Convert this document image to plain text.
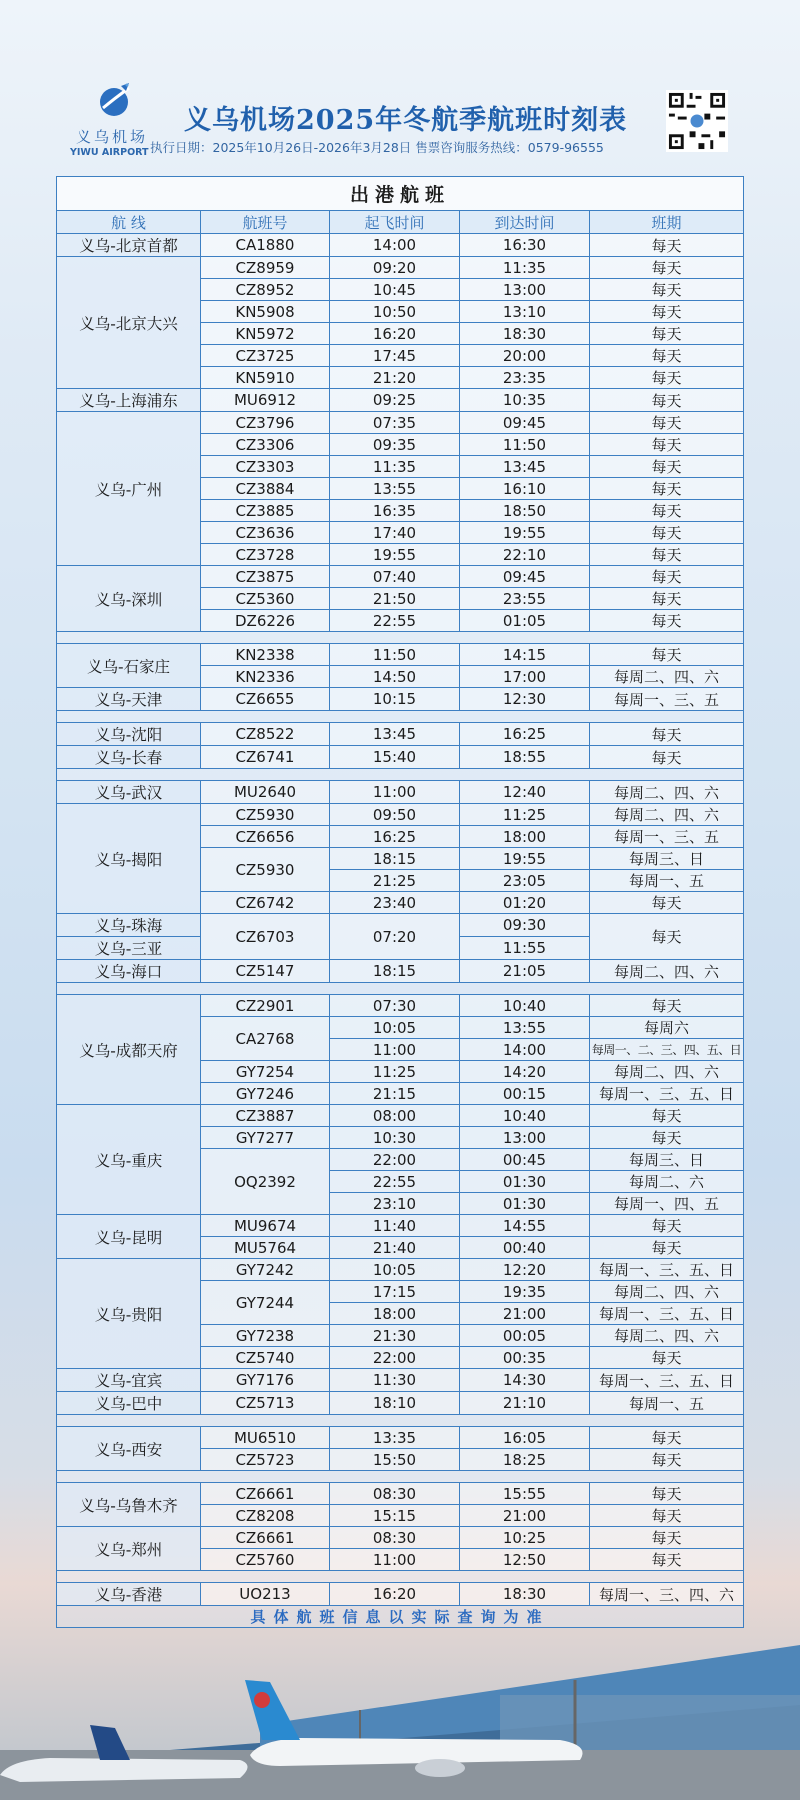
义乌机场
YIWU AIRPORT
义乌机场2025年冬航季航班时刻表
执行日期：2025年10月26日-2026年3月28日 售票咨询服务热线：0579-96555
出港航班				
航 线	航班号	起飞时间	到达时间	班期
义乌-北京首都	CA1880	14:00	16:30	每天
义乌-北京大兴	CZ8959	09:20	11:35	每天
	CZ8952	10:45	13:00	每天
	KN5908	10:50	13:10	每天
	KN5972	16:20	18:30	每天
	CZ3725	17:45	20:00	每天
	KN5910	21:20	23:35	每天
义乌-上海浦东	MU6912	09:25	10:35	每天
义乌-广州	CZ3796	07:35	09:45	每天
	CZ3306	09:35	11:50	每天
	CZ3303	11:35	13:45	每天
	CZ3884	13:55	16:10	每天
	CZ3885	16:35	18:50	每天
	CZ3636	17:40	19:55	每天
	CZ3728	19:55	22:10	每天
义乌-深圳	CZ3875	07:40	09:45	每天
	CZ5360	21:50	23:55	每天
	DZ6226	22:55	01:05	每天

义乌-石家庄	KN2338	11:50	14:15	每天
	KN2336	14:50	17:00	每周二、四、六
义乌-天津	CZ6655	10:15	12:30	每周一、三、五

义乌-沈阳	CZ8522	13:45	16:25	每天
义乌-长春	CZ6741	15:40	18:55	每天

义乌-武汉	MU2640	11:00	12:40	每周二、四、六
义乌-揭阳	CZ5930	09:50	11:25	每周二、四、六
	CZ6656	16:25	18:00	每周一、三、五
	CZ5930	18:15	19:55	每周三、日
		21:25	23:05	每周一、五
	CZ6742	23:40	01:20	每天
义乌-珠海	CZ6703	07:20	09:30	每天
义乌-三亚			11:55	
义乌-海口	CZ5147	18:15	21:05	每周二、四、六

义乌-成都天府	CZ2901	07:30	10:40	每天
	CA2768	10:05	13:55	每周六
		11:00	14:00	每周一、二、三、四、五、日
	GY7254	11:25	14:20	每周二、四、六
	GY7246	21:15	00:15	每周一、三、五、日
义乌-重庆	CZ3887	08:00	10:40	每天
	GY7277	10:30	13:00	每天
	OQ2392	22:00	00:45	每周三、日
		22:55	01:30	每周二、六
		23:10	01:30	每周一、四、五
义乌-昆明	MU9674	11:40	14:55	每天
	MU5764	21:40	00:40	每天
义乌-贵阳	GY7242	10:05	12:20	每周一、三、五、日
	GY7244	17:15	19:35	每周二、四、六
		18:00	21:00	每周一、三、五、日
	GY7238	21:30	00:05	每周二、四、六
	CZ5740	22:00	00:35	每天
义乌-宜宾	GY7176	11:30	14:30	每周一、三、五、日
义乌-巴中	CZ5713	18:10	21:10	每周一、五

义乌-西安	MU6510	13:35	16:05	每天
	CZ5723	15:50	18:25	每天

义乌-乌鲁木齐	CZ6661	08:30	15:55	每天
	CZ8208	15:15	21:00	每天
义乌-郑州	CZ6661	08:30	10:25	每天
	CZ5760	11:00	12:50	每天

义乌-香港	UO213	16:20	18:30	每周一、三、四、六
具体航班信息以实际查询为准				
